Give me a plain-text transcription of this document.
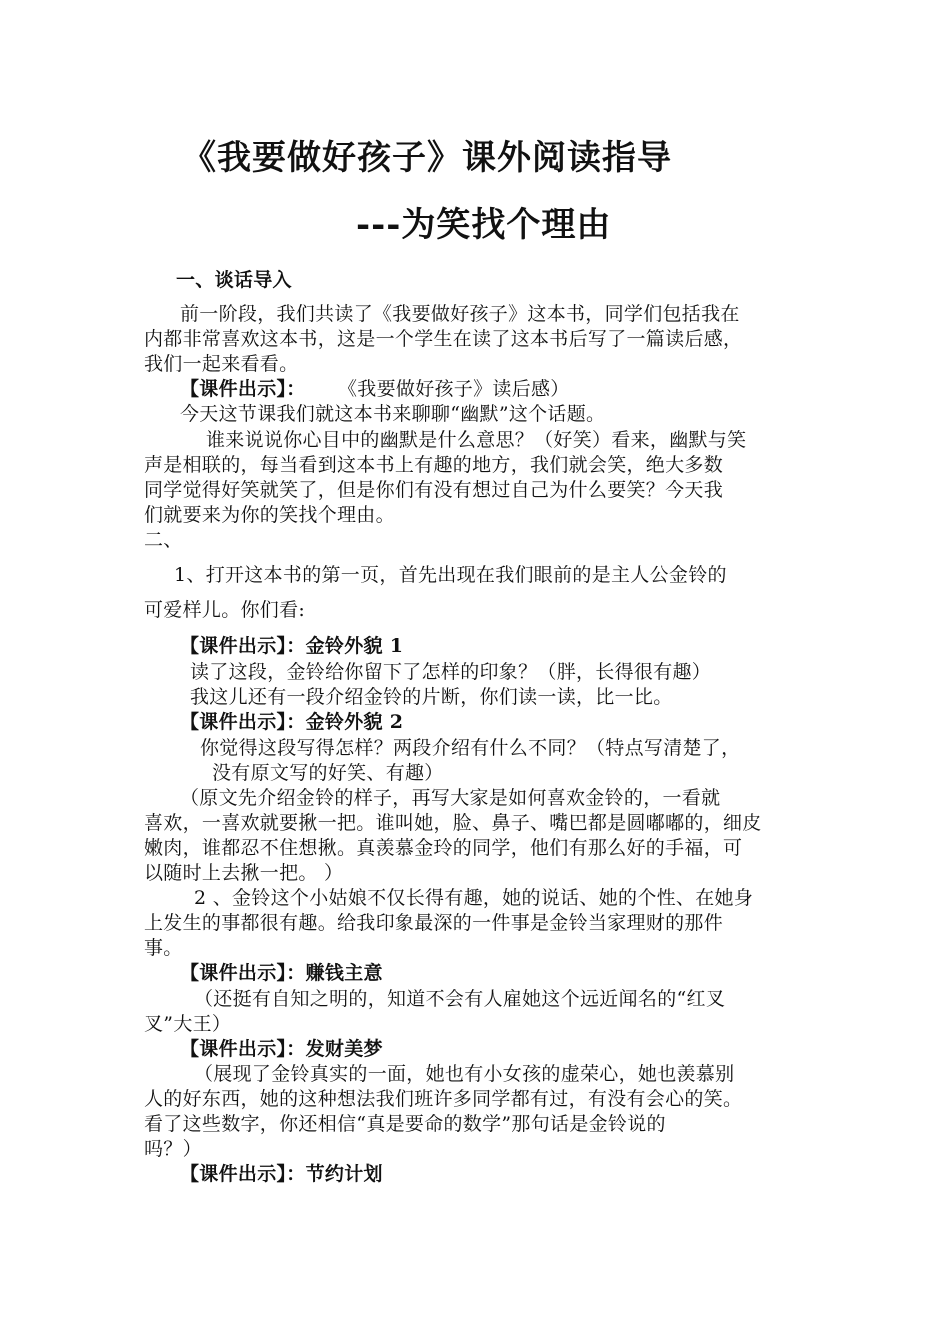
《我要做好孩子》课外阅读指导
---为笑找个理由
一、谈话导入
前一阶段，我们共读了《我要做好孩子》这本书，同学们包括我在
内都非常喜欢这本书，这是一个学生在读了这本书后写了一篇读后感，
我们一起来看看。
【课件出示】： 《我要做好孩子》读后感）
今天这节课我们就这本书来聊聊“幽默”这个话题。
谁来说说你心目中的幽默是什么意思？（好笑）看来，幽默与笑
声是相联的，每当看到这本书上有趣的地方，我们就会笑，绝大多数
同学觉得好笑就笑了，但是你们有没有想过自己为什么要笑？今天我
们就要来为你的笑找个理由。
二、
1、打开这本书的第一页，首先出现在我们眼前的是主人公金铃的
可爱样儿。你们看:
【课件出示】：金铃外貌 1
读了这段，金铃给你留下了怎样的印象？（胖，长得很有趣）
我这儿还有一段介绍金铃的片断，你们读一读，比一比。
【课件出示】：金铃外貌 2
你觉得这段写得怎样？两段介绍有什么不同？（特点写清楚了，
没有原文写的好笑、有趣）
（原文先介绍金铃的样子，再写大家是如何喜欢金铃的，一看就
喜欢，一喜欢就要揪一把。谁叫她，脸、鼻子、嘴巴都是圆嘟嘟的，细皮
嫩肉，谁都忍不住想揪。真羡慕金玲的同学，他们有那么好的手福，可
以随时上去揪一把。 ）
2 、金铃这个小姑娘不仅长得有趣，她的说话、她的个性、在她身
上发生的事都很有趣。给我印象最深的一件事是金铃当家理财的那件
事。
【课件出示】：赚钱主意
（还挺有自知之明的，知道不会有人雇她这个远近闻名的“红叉
叉”大王）
【课件出示】：发财美梦
（展现了金铃真实的一面，她也有小女孩的虚荣心，她也羡慕别
人的好东西，她的这种想法我们班许多同学都有过，有没有会心的笑。
看了这些数字，你还相信“真是要命的数学”那句话是金铃说的
吗？）
【课件出示】：节约计划
